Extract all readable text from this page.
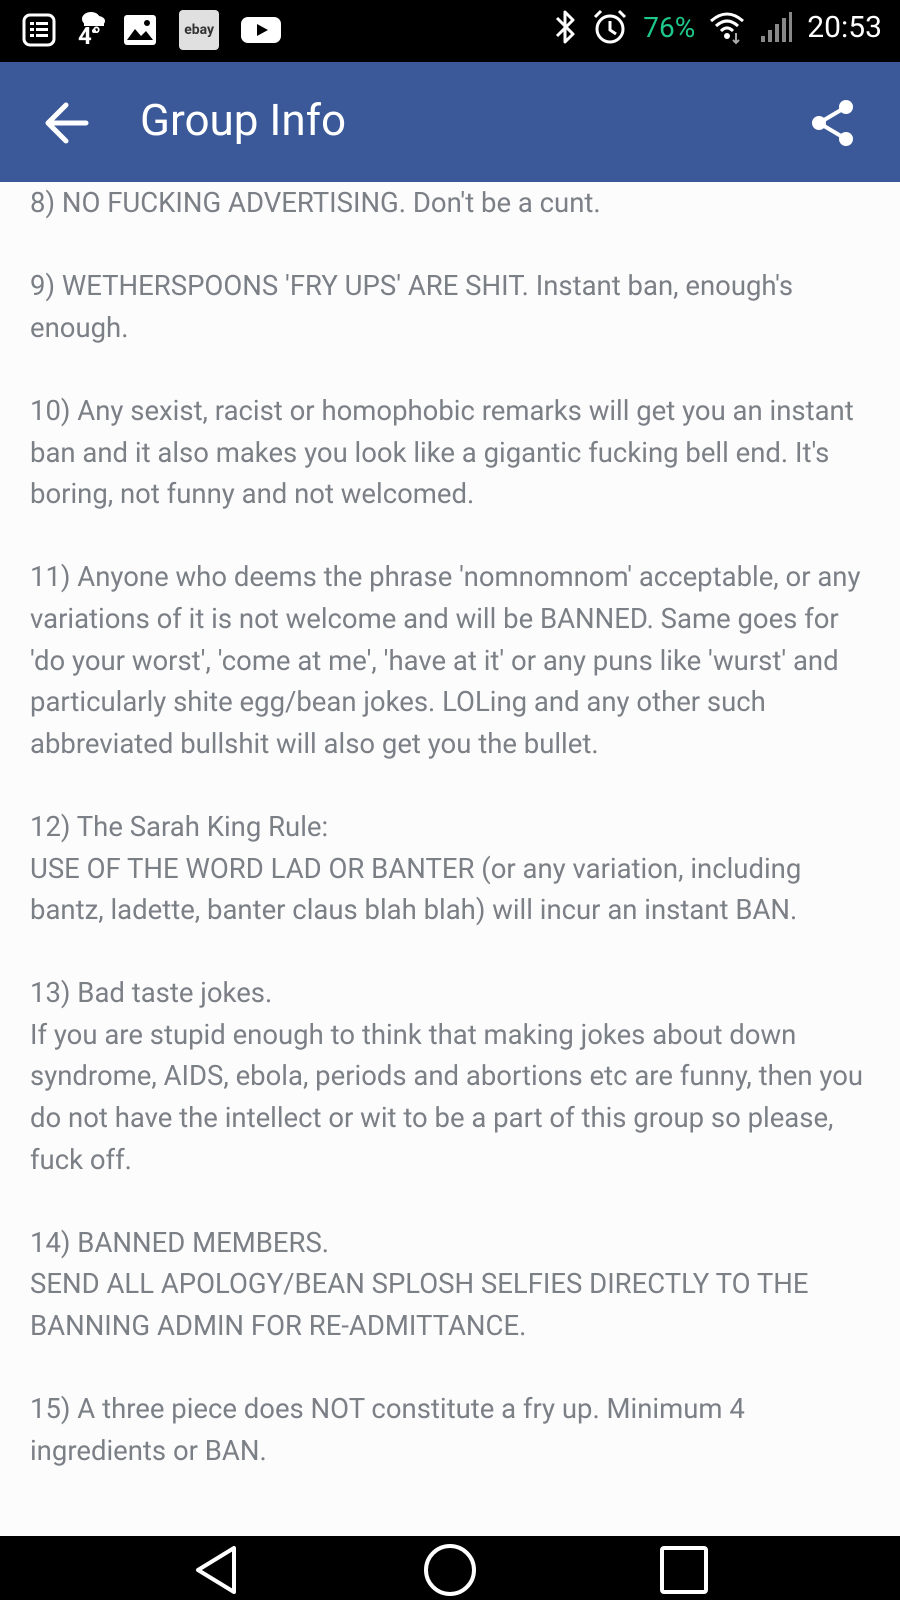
4°	ebay	76%	20:53
Group Info
8) NO FUCKING ADVERTISING. Don't be a cunt.
9) WETHERSPOONS 'FRY UPS' ARE SHIT. Instant ban, enough's enough.
10) Any sexist, racist or homophobic remarks will get you an instant ban and it also makes you look like a gigantic fucking bell end. It's boring, not funny and not welcomed.
11) Anyone who deems the phrase 'nomnomnom' acceptable, or any variations of it is not welcome and will be BANNED. Same goes for 'do your worst', 'come at me', 'have at it' or any puns like 'wurst' and particularly shite egg/bean jokes. LOLing and any other such abbreviated bullshit will also get you the bullet.
12) The Sarah King Rule:
USE OF THE WORD LAD OR BANTER (or any variation, including bantz, ladette, banter claus blah blah) will incur an instant BAN.
13) Bad taste jokes.
If you are stupid enough to think that making jokes about down syndrome, AIDS, ebola, periods and abortions etc are funny, then you do not have the intellect or wit to be a part of this group so please, fuck off.
14) BANNED MEMBERS.
SEND ALL APOLOGY/BEAN SPLOSH SELFIES DIRECTLY TO THE BANNING ADMIN FOR RE-ADMITTANCE.
15) A three piece does NOT constitute a fry up. Minimum 4 ingredients or BAN.
